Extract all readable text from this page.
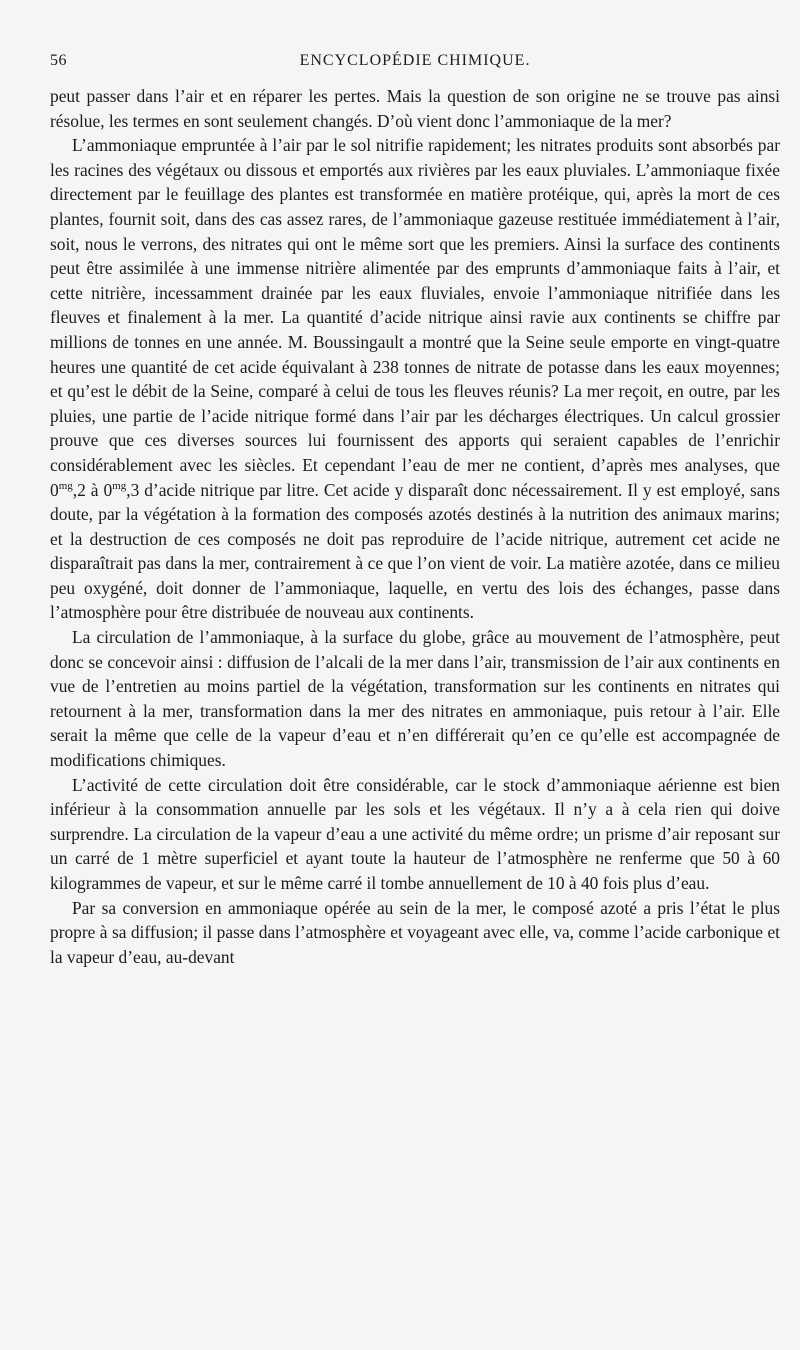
56	ENCYCLOPÉDIE CHIMIQUE.

peut passer dans l’air et en réparer les pertes. Mais la question de son origine ne se trouve pas ainsi résolue, les termes en sont seulement changés. D’où vient donc l’ammoniaque de la mer?

L’ammoniaque empruntée à l’air par le sol nitrifie rapidement; les nitrates produits sont absorbés par les racines des végétaux ou dissous et emportés aux rivières par les eaux pluviales. L’ammoniaque fixée directement par le feuillage des plantes est transformée en matière protéique, qui, après la mort de ces plantes, fournit soit, dans des cas assez rares, de l’ammoniaque gazeuse restituée immédiatement à l’air, soit, nous le verrons, des nitrates qui ont le même sort que les premiers. Ainsi la surface des continents peut être assimilée à une immense nitrière alimentée par des emprunts d’ammoniaque faits à l’air, et cette nitrière, incessamment drainée par les eaux fluviales, envoie l’ammoniaque nitrifiée dans les fleuves et finalement à la mer. La quantité d’acide nitrique ainsi ravie aux continents se chiffre par millions de tonnes en une année. M. Boussingault a montré que la Seine seule emporte en vingt-quatre heures une quantité de cet acide équivalant à 238 tonnes de nitrate de potasse dans les eaux moyennes; et qu’est le débit de la Seine, comparé à celui de tous les fleuves réunis? La mer reçoit, en outre, par les pluies, une partie de l’acide nitrique formé dans l’air par les décharges électriques. Un calcul grossier prouve que ces diverses sources lui fournissent des apports qui seraient capables de l’enrichir considérablement avec les siècles. Et cependant l’eau de mer ne contient, d’après mes analyses, que $0^{mg},2$ à $0^{mg},3$ d’acide nitrique par litre. Cet acide y disparaît donc nécessairement. Il y est employé, sans doute, par la végétation à la formation des composés azotés destinés à la nutrition des animaux marins; et la destruction de ces composés ne doit pas reproduire de l’acide nitrique, autrement cet acide ne disparaîtrait pas dans la mer, contrairement à ce que l’on vient de voir. La matière azotée, dans ce milieu peu oxygéné, doit donner de l’ammoniaque, laquelle, en vertu des lois des échanges, passe dans l’atmosphère pour être distribuée de nouveau aux continents.

La circulation de l’ammoniaque, à la surface du globe, grâce au mouvement de l’atmosphère, peut donc se concevoir ainsi : diffusion de l’alcali de la mer dans l’air, transmission de l’air aux continents en vue de l’entretien au moins partiel de la végétation, transformation sur les continents en nitrates qui retournent à la mer, transformation dans la mer des nitrates en ammoniaque, puis retour à l’air. Elle serait la même que celle de la vapeur d’eau et n’en différerait qu’en ce qu’elle est accompagnée de modifications chimiques.

L’activité de cette circulation doit être considérable, car le stock d’ammoniaque aérienne est bien inférieur à la consommation annuelle par les sols et les végétaux. Il n’y a à cela rien qui doive surprendre. La circulation de la vapeur d’eau a une activité du même ordre; un prisme d’air reposant sur un carré de 1 mètre superficiel et ayant toute la hauteur de l’atmosphère ne renferme que 50 à 60 kilogrammes de vapeur, et sur le même carré il tombe annuellement de 10 à 40 fois plus d’eau.

Par sa conversion en ammoniaque opérée au sein de la mer, le composé azoté a pris l’état le plus propre à sa diffusion; il passe dans l’atmosphère et voyageant avec elle, va, comme l’acide carbonique et la vapeur d’eau, au-devant
